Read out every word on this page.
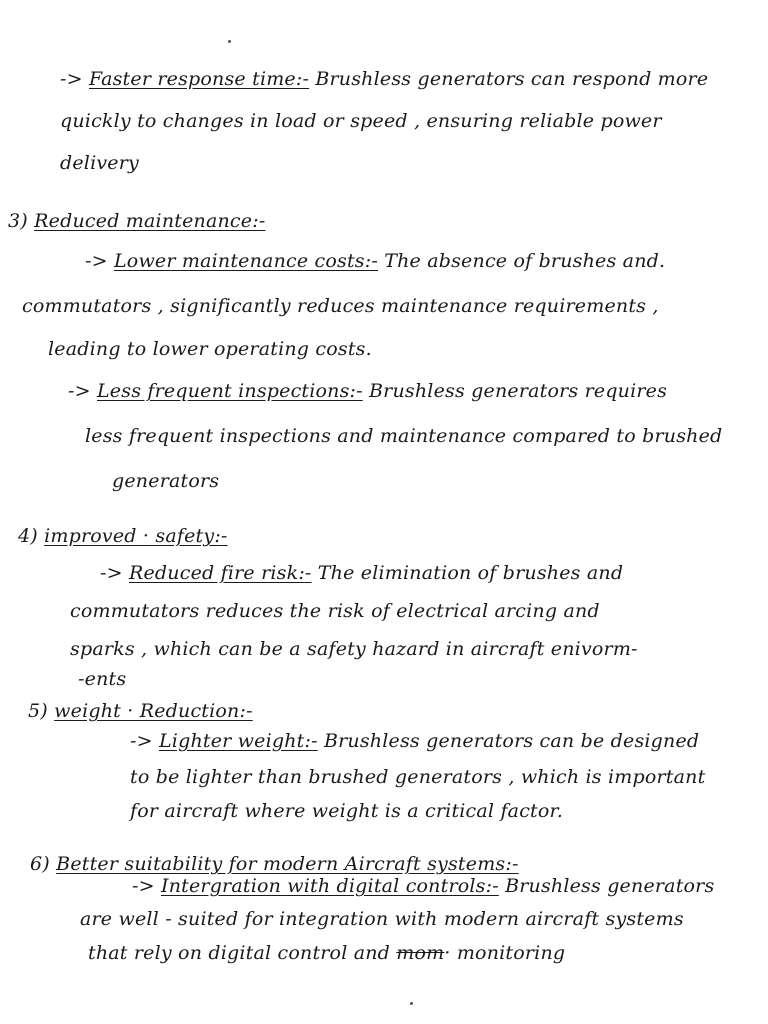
-> Faster response time:- Brushless generators can respond more
quickly to changes in load or speed , ensuring reliable power
delivery
3) Reduced maintenance:-
-> Lower maintenance costs:- The absence of brushes and.
commutators , significantly reduces maintenance requirements ,
leading to lower operating costs.
-> Less frequent inspections:- Brushless generators requires
less frequent inspections and maintenance compared to brushed
generators
4) improved · safety:-
-> Reduced fire risk:- The elimination of brushes and
commutators reduces the risk of electrical arcing and
sparks , which can be a safety hazard in aircraft enivorm-
-ents
5) weight · Reduction:-
-> Lighter weight:- Brushless generators can be designed
to be lighter than brushed generators , which is important
for aircraft where weight is a critical factor.
6) Better suitability for modern Aircraft systems:-
-> Intergration with digital controls:- Brushless generators
are well - suited for integration with modern aircraft systems
that rely on digital control and mom· monitoring
